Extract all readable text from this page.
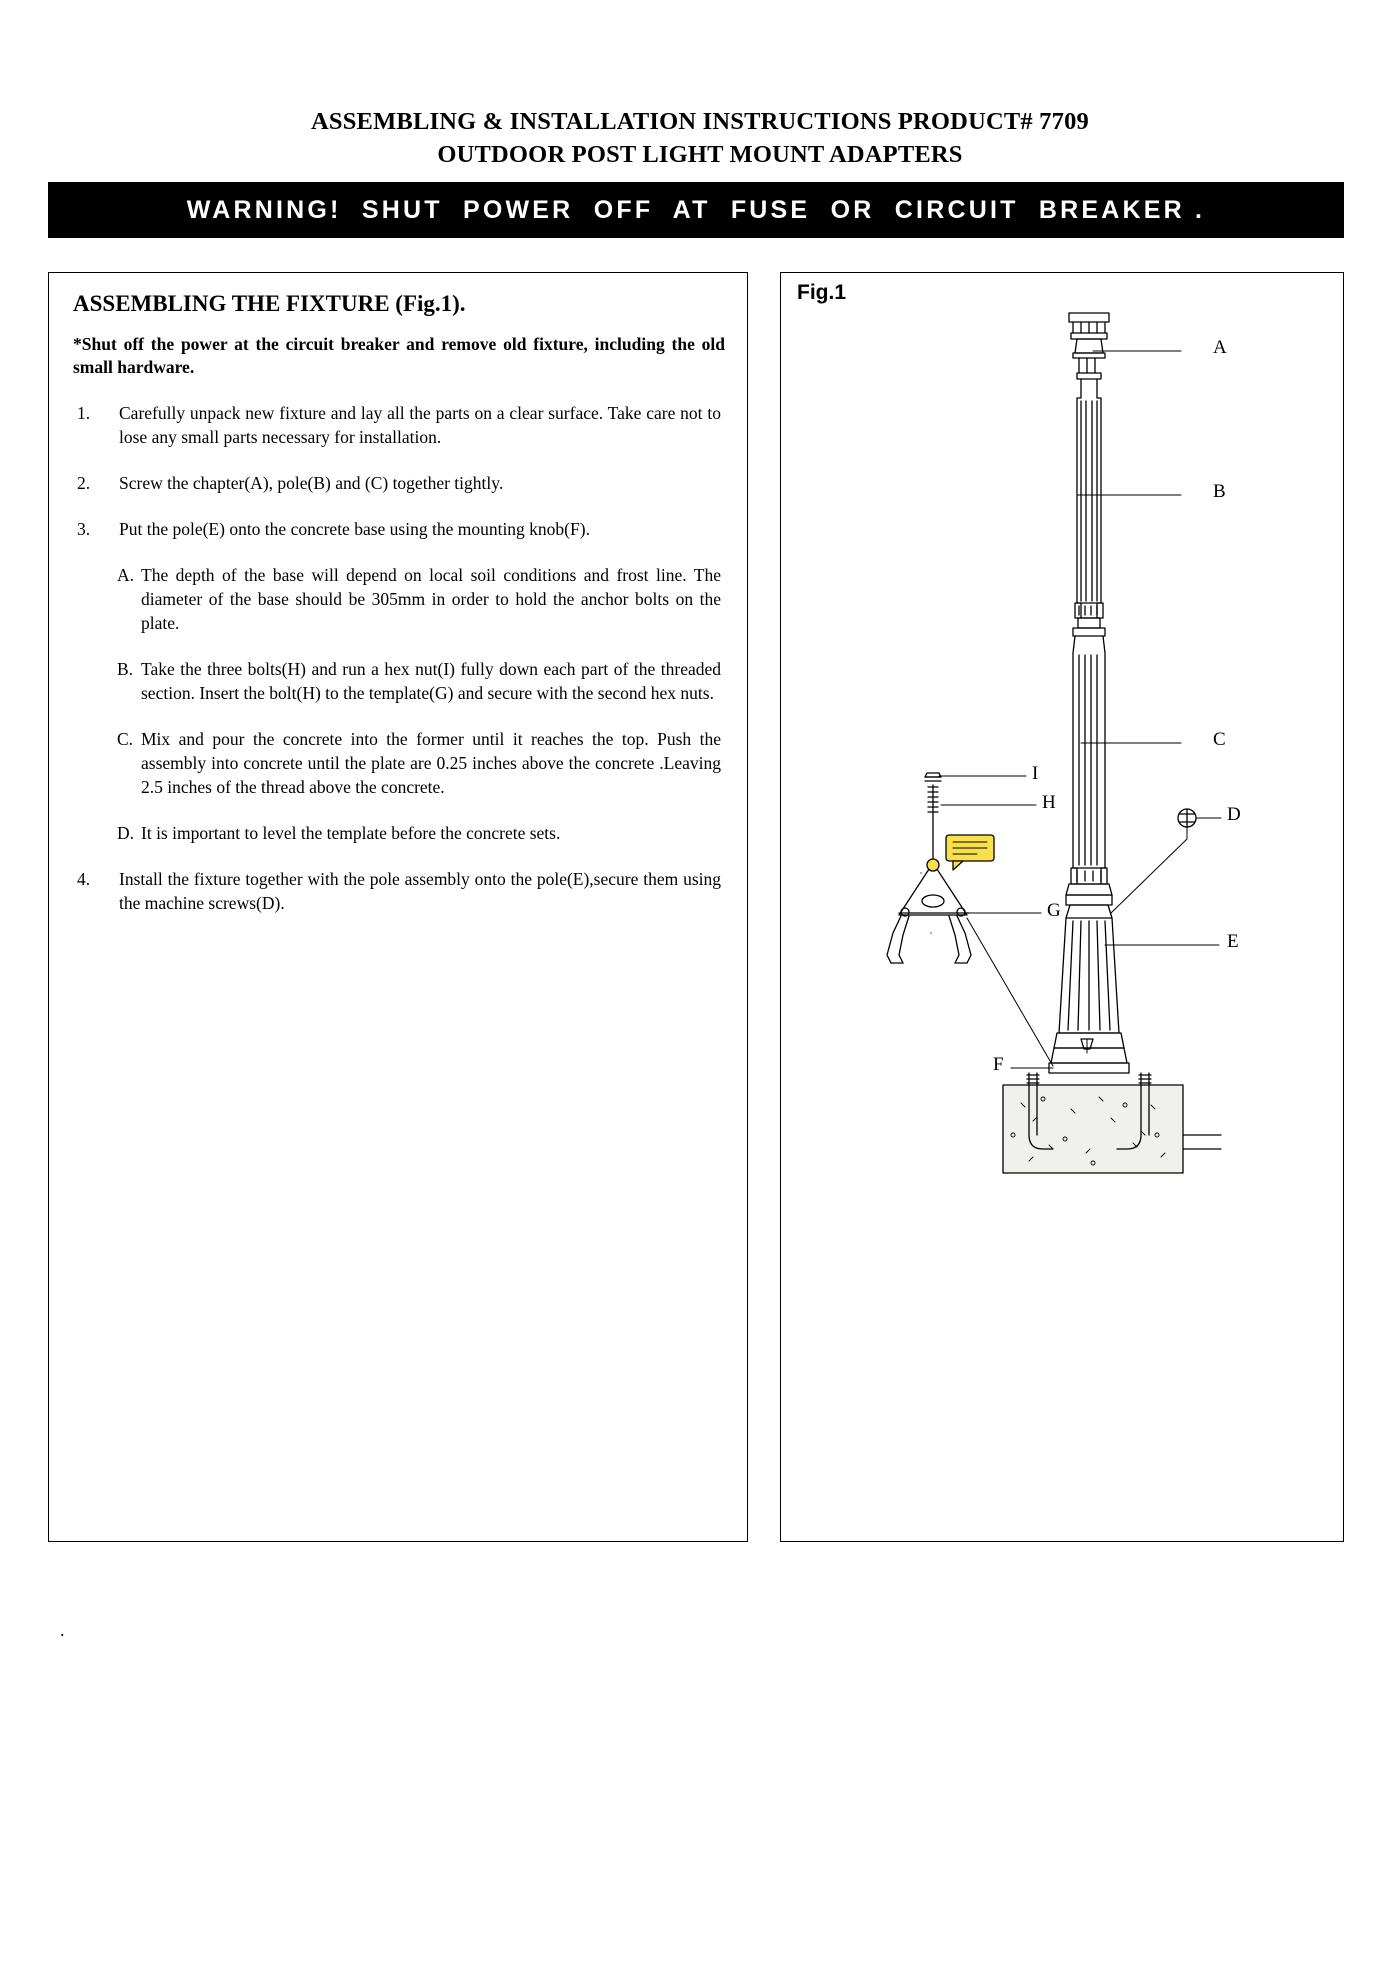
ASSEMBLING & INSTALLATION INSTRUCTIONS PRODUCT# 7709
OUTDOOR POST LIGHT MOUNT ADAPTERS
WARNING!  SHUT  POWER  OFF  AT  FUSE  OR  CIRCUIT  BREAKER .
ASSEMBLING THE FIXTURE (Fig.1).
*Shut off the power at the circuit breaker and remove old fixture, including the old small hardware.
1.	Carefully unpack new fixture and lay all the parts on a clear surface. Take care not to lose any small parts necessary for installation.
2.	Screw the chapter(A), pole(B) and (C) together tightly.
3.	Put the pole(E) onto the concrete base using the mounting knob(F).
A. The depth of the base will depend on local soil conditions and frost line. The diameter of the base should be 305mm in order to hold the anchor bolts on the plate.
B. Take the three bolts(H) and run a hex nut(I) fully down each part of the threaded section. Insert the bolt(H) to the template(G) and secure with the second hex nuts.
C. Mix and pour the concrete into the former until it reaches the top. Push the assembly into concrete until the plate are 0.25 inches above the concrete .Leaving 2.5 inches of the thread above the concrete.
D. It is important to level the template before the concrete sets.
4.	Install the fixture together with the pole assembly onto the pole(E),secure them using the machine screws(D).
Fig.1
A
B
C
D
E
F
G
H
I
.
